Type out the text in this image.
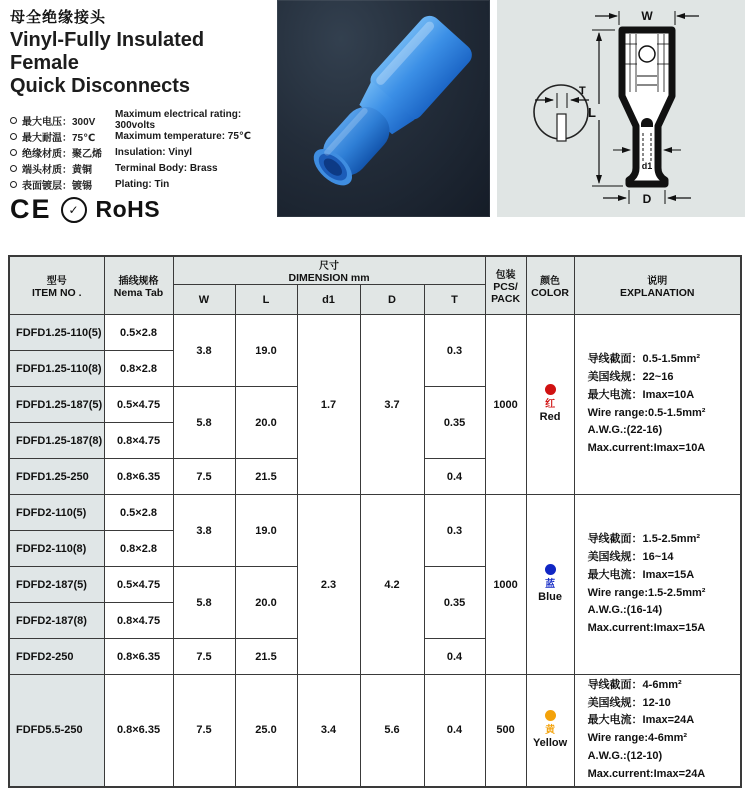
母全绝缘接头
Vinyl-Fully Insulated Female
Quick Disconnects
最大电压：300V
Maximum electrical rating: 300volts
最大耐温：75℃	Maximum temperature: 75℃
绝缘材质：聚乙烯	Insulation: Vinyl
端头材质：黄铜	Terminal Body: Brass
表面镀层：镀锡	Plating: Tin
CE	✓ RoHS
T
W
L
d1
D
型号
ITEM NO .	插线规格
Nema Tab	尺寸
DIMENSION mm					包装
PCS/
PACK	颜色
COLOR	说明
EXPLANATION

		W	L	d1	D	T			
FDFD1.25-110(5)	0.5×2.8	3.8	19.0	1.7	3.7	0.3	1000	红
Red

导线截面：0.5-1.5mm²
美国线规：22~16
最大电流：Imax=10A
Wire range:0.5-1.5mm²
A.W.G.:(22-16)
Max.current:Imax=10A

FDFD1.25-110(8)	0.8×2.8								
FDFD1.25-187(5)	0.5×4.75	5.8	20.0			0.35			
FDFD1.25-187(8)	0.8×4.75								
FDFD1.25-250	0.8×6.35	7.5	21.5			0.4			
FDFD2-110(5)	0.5×2.8	3.8	19.0	2.3	4.2	0.3	1000	蓝
Blue

导线截面：1.5-2.5mm²
美国线规：16~14
最大电流：Imax=15A
Wire range:1.5-2.5mm²
A.W.G.:(16-14)
Max.current:Imax=15A

FDFD2-110(8)	0.8×2.8								
FDFD2-187(5)	0.5×4.75	5.8	20.0			0.35			
FDFD2-187(8)	0.8×4.75								
FDFD2-250	0.8×6.35	7.5	21.5			0.4			
FDFD5.5-250	0.8×6.35	7.5	25.0	3.4	5.6	0.4	500	黄
Yellow

导线截面：4-6mm²
美国线规：12-10
最大电流：Imax=24A
Wire range:4-6mm²
A.W.G.:(12-10)
Max.current:Imax=24A
